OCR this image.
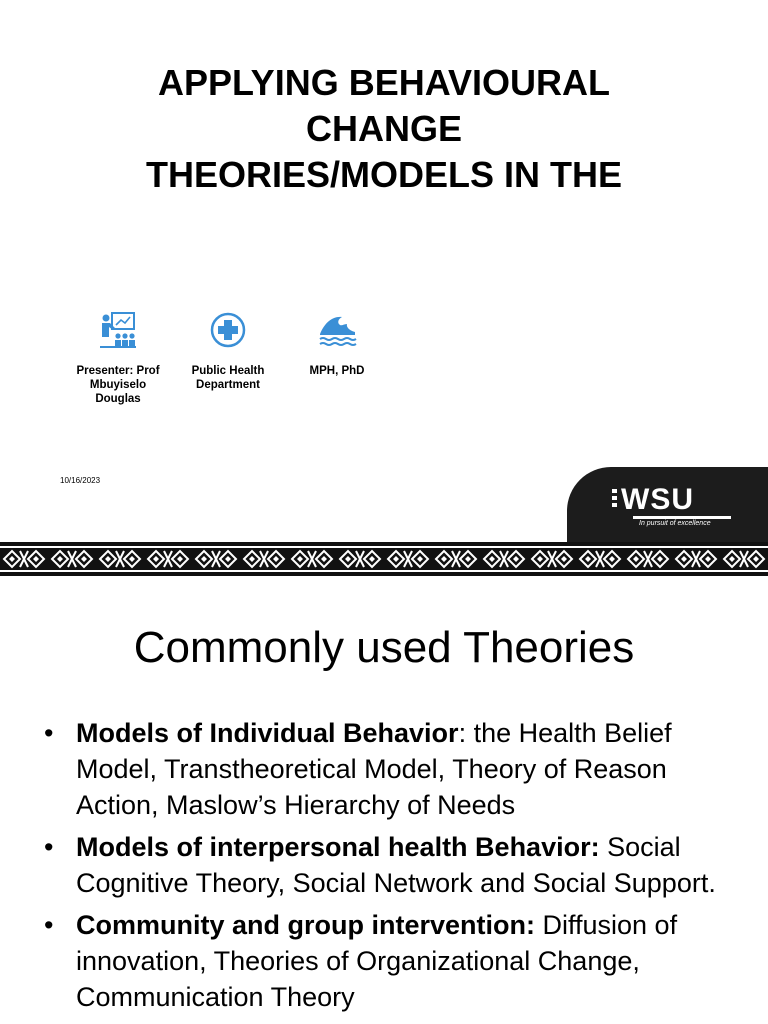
APPLYING BEHAVIOURAL
CHANGE
THEORIES/MODELS IN THE
Presenter: Prof
Mbuyiselo
Douglas
Public Health
Department
MPH, PhD
10/16/2023
WSU
In pursuit of excellence
Commonly used Theories
• Models of Individual Behavior: the Health Belief Model, Transtheoretical Model, Theory of Reason Action, Maslow’s Hierarchy of Needs
• Models of interpersonal health Behavior: Social Cognitive Theory, Social Network and Social Support.
• Community and group intervention: Diffusion of innovation, Theories of Organizational Change, Communication Theory
